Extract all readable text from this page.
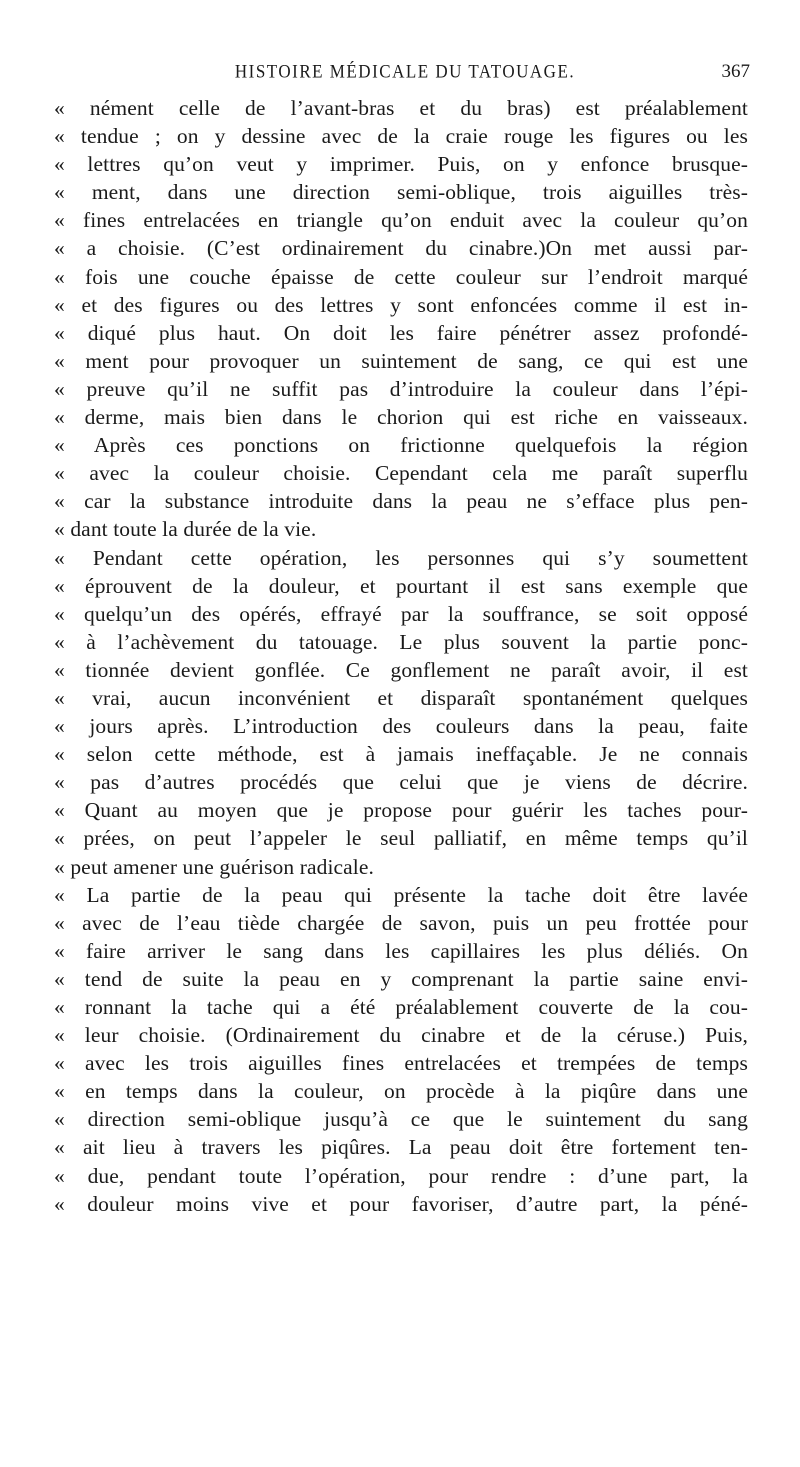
HISTOIRE MÉDICALE DU TATOUAGE.	367
« nément celle de l’avant-bras et du bras) est préalablement
« tendue ; on y dessine avec de la craie rouge les figures ou les
« lettres qu’on veut y imprimer. Puis, on y enfonce brusque-
« ment, dans une direction semi-oblique, trois aiguilles très-
« fines entrelacées en triangle qu’on enduit avec la couleur qu’on
« a choisie. (C’est ordinairement du cinabre.)On met aussi par-
« fois une couche épaisse de cette couleur sur l’endroit marqué
« et des figures ou des lettres y sont enfoncées comme il est in-
« diqué plus haut. On doit les faire pénétrer assez profondé-
« ment pour provoquer un suintement de sang, ce qui est une
« preuve qu’il ne suffit pas d’introduire la couleur dans l’épi-
« derme, mais bien dans le chorion qui est riche en vaisseaux.
« Après ces ponctions on frictionne quelquefois la région
« avec la couleur choisie. Cependant cela me paraît superflu
« car la substance introduite dans la peau ne s’efface plus pen-
« dant toute la durée de la vie.
« Pendant cette opération, les personnes qui s’y soumettent
« éprouvent de la douleur, et pourtant il est sans exemple que
« quelqu’un des opérés, effrayé par la souffrance, se soit opposé
« à l’achèvement du tatouage. Le plus souvent la partie ponc-
« tionnée devient gonflée. Ce gonflement ne paraît avoir, il est
« vrai, aucun inconvénient et disparaît spontanément quelques
« jours après. L’introduction des couleurs dans la peau, faite
« selon cette méthode, est à jamais ineffaçable. Je ne connais
« pas d’autres procédés que celui que je viens de décrire.
« Quant au moyen que je propose pour guérir les taches pour-
« prées, on peut l’appeler le seul palliatif, en même temps qu’il
« peut amener une guérison radicale.
« La partie de la peau qui présente la tache doit être lavée
« avec de l’eau tiède chargée de savon, puis un peu frottée pour
« faire arriver le sang dans les capillaires les plus déliés. On
« tend de suite la peau en y comprenant la partie saine envi-
« ronnant la tache qui a été préalablement couverte de la cou-
« leur choisie. (Ordinairement du cinabre et de la céruse.) Puis,
« avec les trois aiguilles fines entrelacées et trempées de temps
« en temps dans la couleur, on procède à la piqûre dans une
« direction semi-oblique jusqu’à ce que le suintement du sang
« ait lieu à travers les piqûres. La peau doit être fortement ten-
« due, pendant toute l’opération, pour rendre : d’une part, la
« douleur moins vive et pour favoriser, d’autre part, la péné-
